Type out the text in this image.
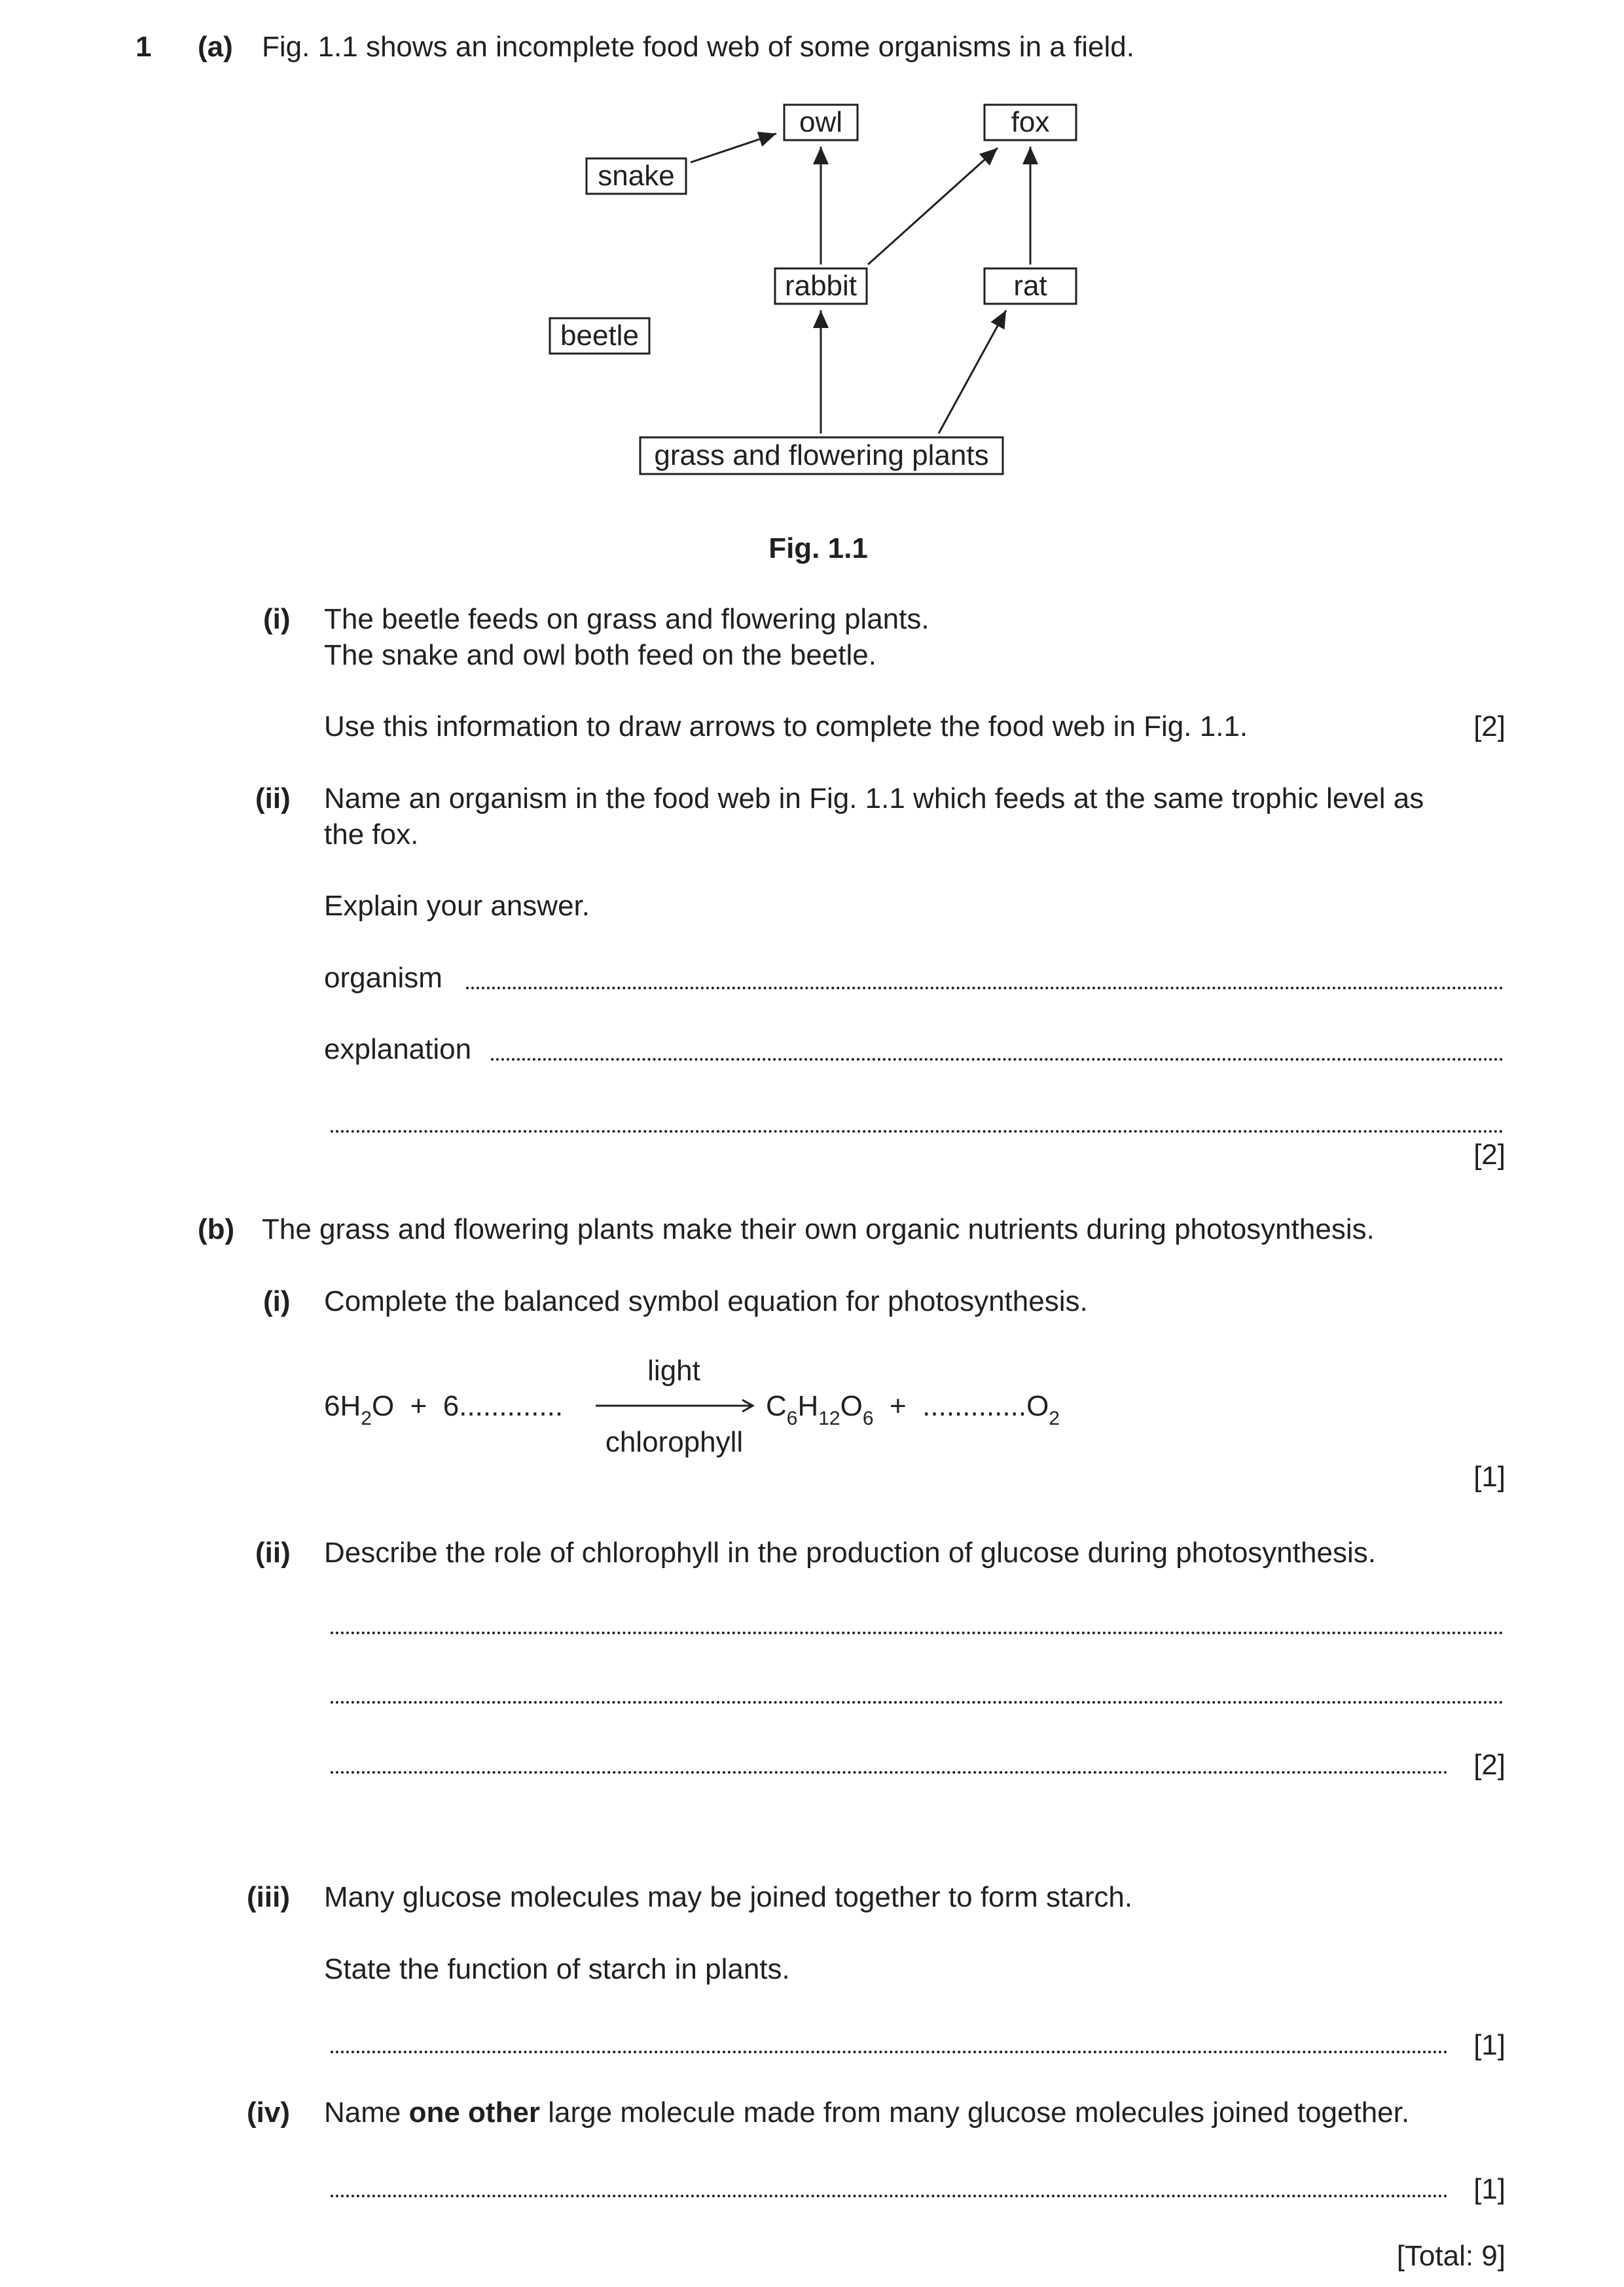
1 (a) Fig. 1.1 shows an incomplete food web of some organisms in a field.
owl	fox
snake
rabbit	rat
beetle
grass and flowering plants
Fig. 1.1
(i) The beetle feeds on grass and flowering plants.
The snake and owl both feed on the beetle.
Use this information to draw arrows to complete the food web in Fig. 1.1.	[2]
(ii) Name an organism in the food web in Fig. 1.1 which feeds at the same trophic level as
the fox.
Explain your answer.
organism
explanation
[2]
(b) The grass and flowering plants make their own organic nutrients during photosynthesis.
(i) Complete the balanced symbol equation for photosynthesis.
$6H_2O + 6$.............
light
chlorophyll
$C_6H_{12}O_6 + .............O_2$
[1]
(ii) Describe the role of chlorophyll in the production of glucose during photosynthesis.
[2]
(iii) Many glucose molecules may be joined together to form starch.
State the function of starch in plants.
[1]
(iv) Name one other large molecule made from many glucose molecules joined together.
[1]
[Total: 9]
